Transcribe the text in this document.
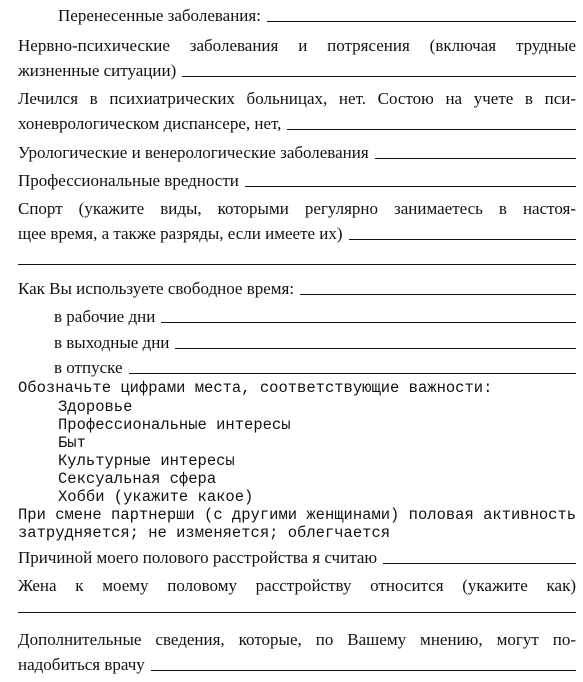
Перенесенные заболевания:
Нервно-психические заболевания и потрясения (включая трудные
жизненные ситуации)
Лечился в психиатрических больницах, нет. Состою на учете в пси-
хоневрологическом диспансере, нет,
Урологические и венерологические заболевания
Профессиональные вредности
Спорт (укажите виды, которыми регулярно занимаетесь в настоя-
щее время, а также разряды, если имеете их)
Как Вы используете свободное время:
в рабочие дни
в выходные дни
в отпуске
Обозначьте цифрами места, соответствующие важности:
Здоровье
Профессиональные интересы
Быт
Культурные интересы
Сексуальная сфера
Хобби (укажите какое)
При смене партнерши (с другими женщинами) половая активность
затрудняется; не изменяется; облегчается
Причиной моего полового расстройства я считаю
Жена к моему половому расстройству относится (укажите как)
Дополнительные сведения, которые, по Вашему мнению, могут по-
надобиться врачу
